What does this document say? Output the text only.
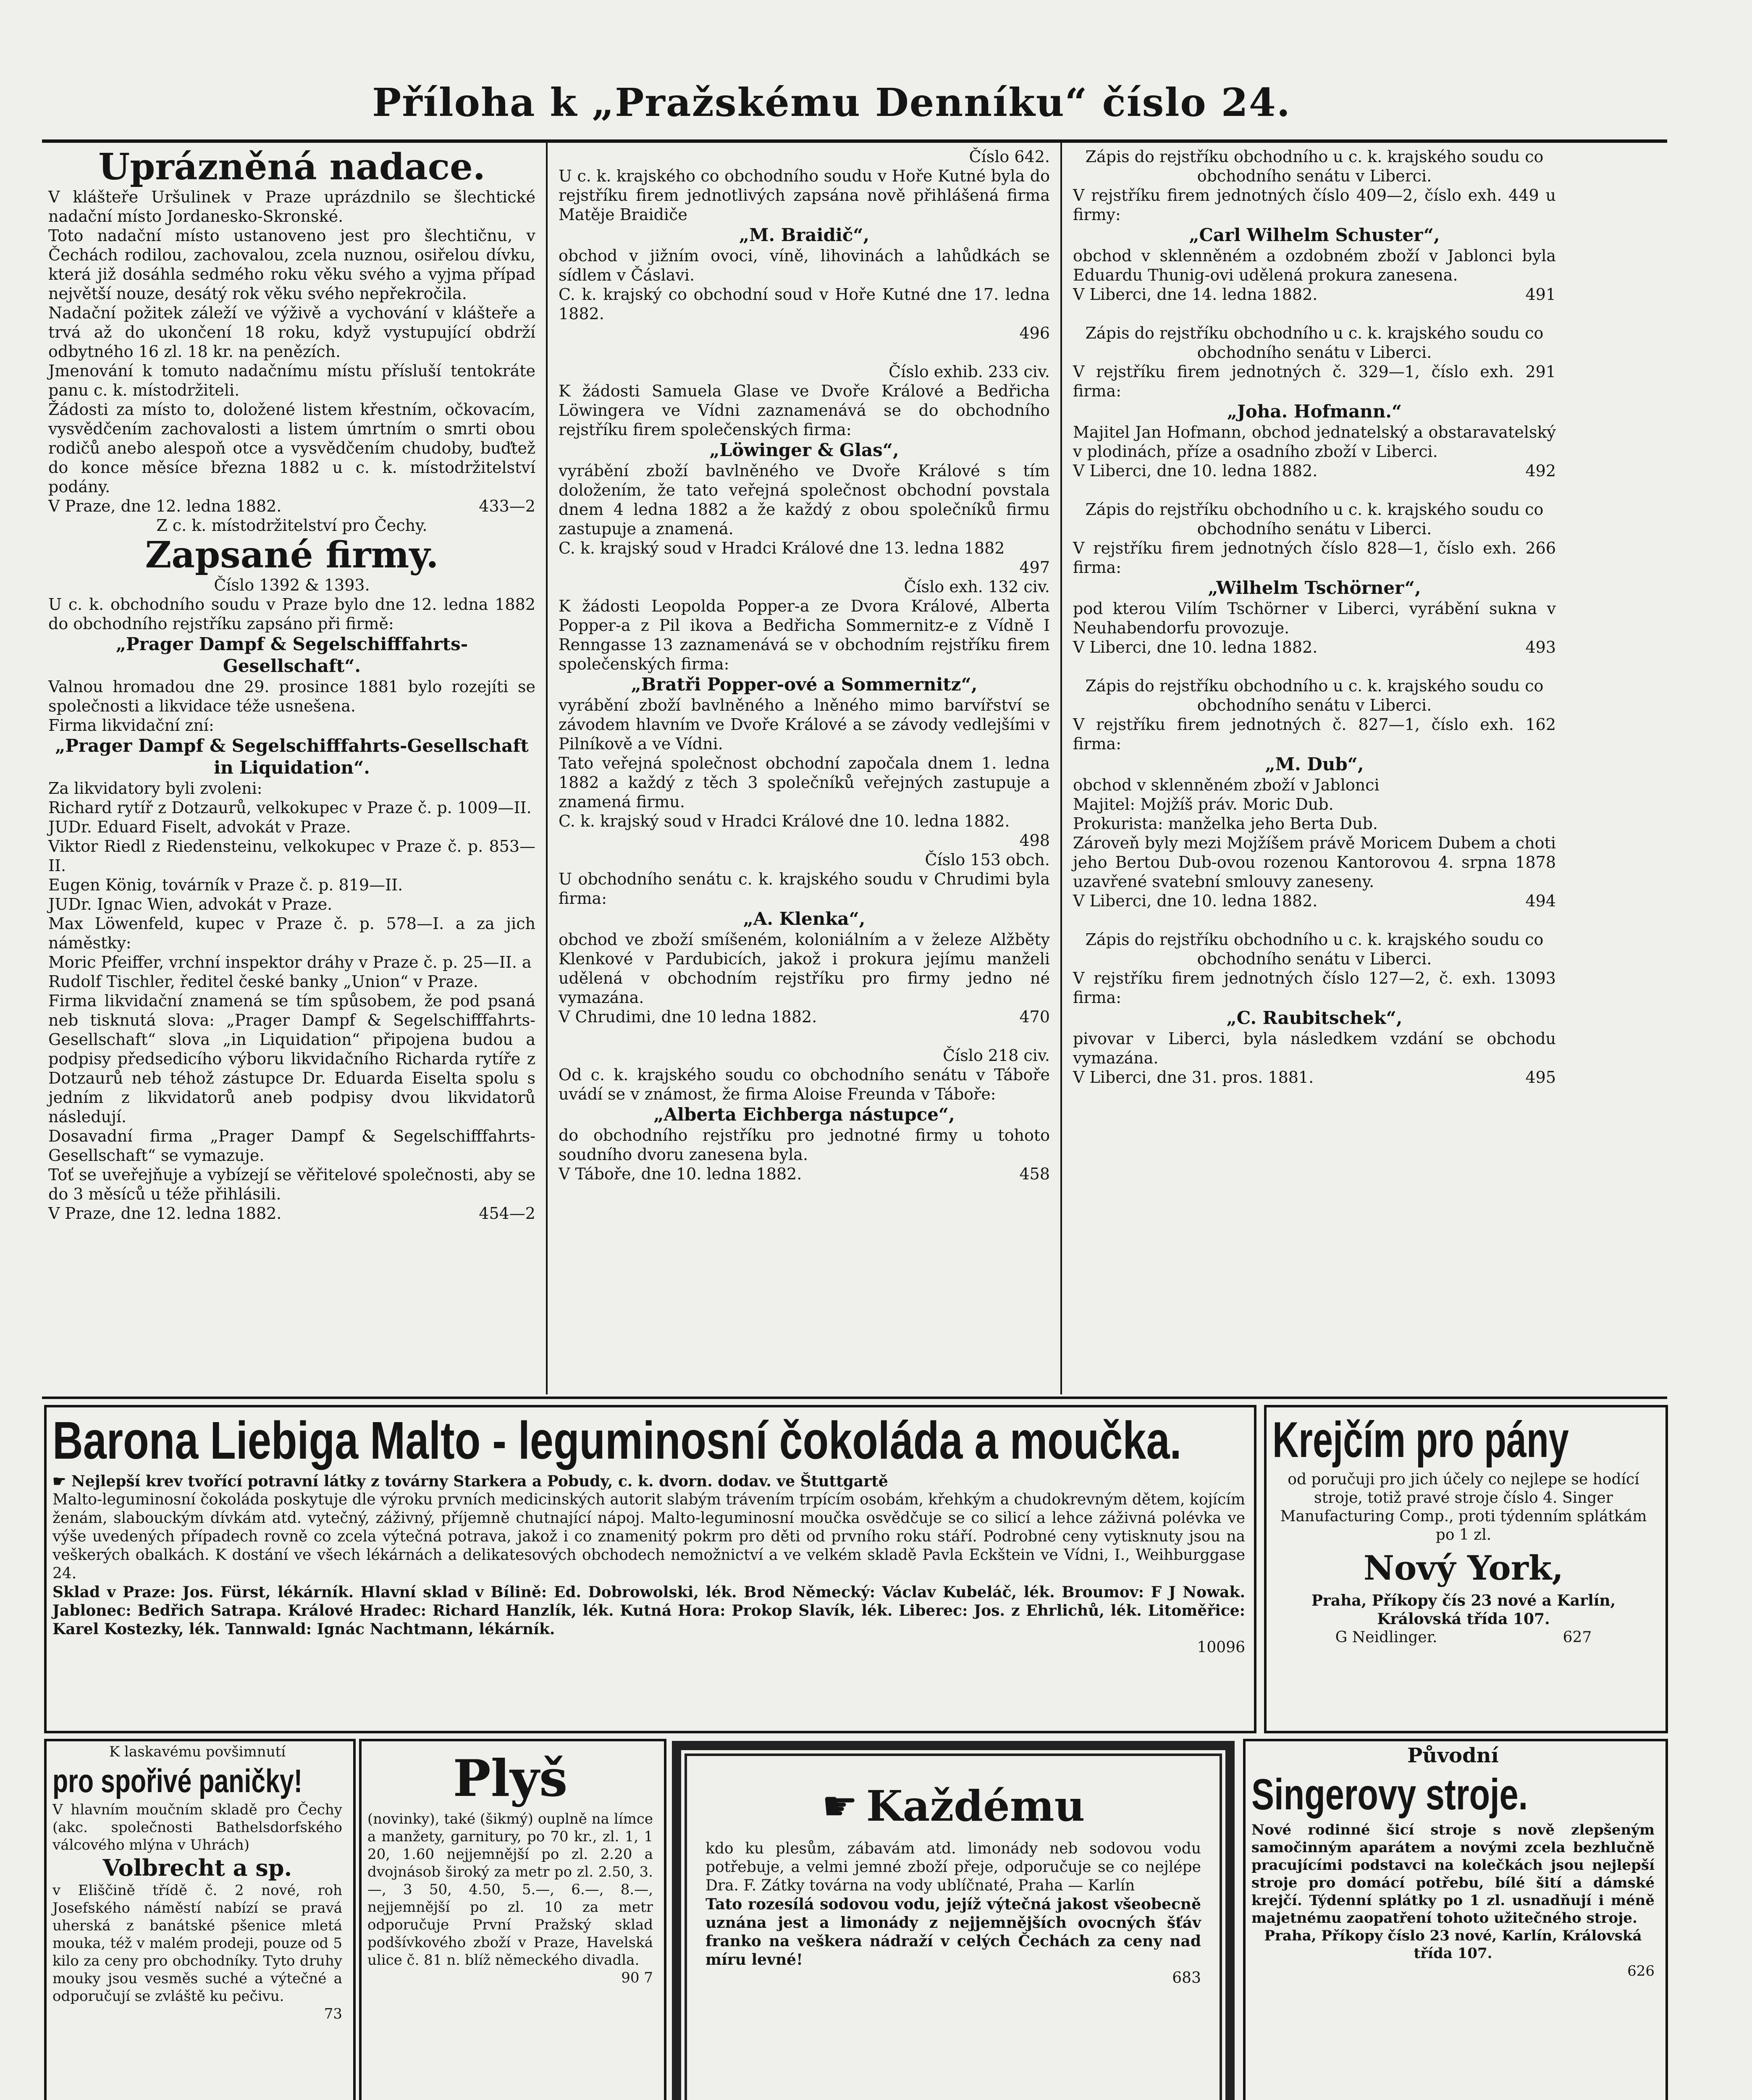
Příloha k „Pražskému Denníku“ číslo 24.
Uprázněná nadace.

V klášteře Uršulinek v Praze uprázdnilo se šlechtické nadační místo Jordanesko-Skronské.

Toto nadační místo ustanoveno jest pro šlechtičnu, v Čechách rodilou, zachovalou, zcela nuznou, osiřelou dívku, která již dosáhla sedmého roku věku svého a vyjma případ největší nouze, desátý rok věku svého nepřekročila.

Nadační požitek záleží ve výživě a vychování v klášteře a trvá až do ukončení 18 roku, když vystupující obdrží odbytného 16 zl. 18 kr. na penězích.

Jmenování k tomuto nadačnímu místu přísluší tentokráte panu c. k. místodržiteli.

Žádosti za místo to, doložené listem křestním, očkovacím, vysvědčením zachovalosti a listem úmrtním o smrti obou rodičů anebo alespoň otce a vysvědčením chudoby, buďtež do konce měsíce března 1882 u c. k. místodržitelství podány.

V Praze, dne 12. ledna 1882.	433—2

Z c. k. místodržitelství pro Čechy.

Zapsané firmy.

Číslo 1392 & 1393.

U c. k. obchodního soudu v Praze bylo dne 12. ledna 1882 do obchodního rejstříku zapsáno při firmě:

„Prager Dampf & Segelschifffahrts-Gesellschaft“.

Valnou hromadou dne 29. prosince 1881 bylo rozejíti se společnosti a likvidace téže usnešena.

Firma likvidační zní:

„Prager Dampf & Segelschifffahrts-Gesellschaft in Liquidation“.

Za likvidatory byli zvoleni:

Richard rytíř z Dotzaurů, velkokupec v Praze č. p. 1009—II.

JUDr. Eduard Fiselt, advokát v Praze.

Viktor Riedl z Riedensteinu, velkokupec v Praze č. p. 853—II.

Eugen König, továrník v Praze č. p. 819—II.

JUDr. Ignac Wien, advokát v Praze.

Max Löwenfeld, kupec v Praze č. p. 578—I. a za jich náměstky:

Moric Pfeiffer, vrchní inspektor dráhy v Praze č. p. 25—II. a

Rudolf Tischler, ředitel české banky „Union“ v Praze.

Firma likvidační znamená se tím spůsobem, že pod psaná neb tisknutá slova: „Prager Dampf & Segelschifffahrts-Gesellschaft“ slova „in Liquidation“ připojena budou a podpisy předsedicího výboru likvidačního Richarda rytíře z Dotzaurů neb téhož zástupce Dr. Eduarda Eiselta spolu s jedním z likvidatorů aneb podpisy dvou likvidatorů následují.

Dosavadní firma „Prager Dampf & Segelschifffahrts-Gesellschaft“ se vymazuje.

Toť se uveřejňuje a vybízejí se věřitelové společnosti, aby se do 3 měsíců u téže přihlásili.

V Praze, dne 12. ledna 1882.	454—2

Číslo 642.

U c. k. krajského co obchodního soudu v Hoře Kutné byla do rejstříku firem jednotlivých zapsána nově přihlášená firma Matěje Braidiče

„M. Braidič“,

obchod v jižním ovoci, víně, lihovinách a lahůdkách se sídlem v Čáslavi.

C. k. krajský co obchodní soud v Hoře Kutné dne 17. ledna 1882.

496

Číslo exhib. 233 civ.

K žádosti Samuela Glase ve Dvoře Králové a Bedřicha Löwingera ve Vídni zaznamenává se do obchodního rejstříku firem společenských firma:

„Löwinger & Glas“,

vyrábění zboží bavlněného ve Dvoře Králové s tím doložením, že tato veřejná společnost obchodní povstala dnem 4 ledna 1882 a že každý z obou společníků firmu zastupuje a znamená.

C. k. krajský soud v Hradci Králové dne 13. ledna 1882

497

Číslo exh. 132 civ.

K žádosti Leopolda Popper-a ze Dvora Králové, Alberta Popper-a z Pil ikova a Bedřicha Sommernitz-e z Vídně I Renngasse 13 zaznamenává se v obchodním rejstříku firem společenských firma:

„Bratři Popper-ové a Sommernitz“,

vyrábění zboží bavlněného a lněného mimo barvířství se závodem hlavním ve Dvoře Králové a se závody vedlejšími v Pilníkově a ve Vídni.

Tato veřejná společnost obchodní započala dnem 1. ledna 1882 a každý z těch 3 společníků veřejných zastupuje a znamená firmu.

C. k. krajský soud v Hradci Králové dne 10. ledna 1882.

498

Číslo 153 obch.

U obchodního senátu c. k. krajského soudu v Chrudimi byla firma:

„A. Klenka“,

obchod ve zboží smíšeném, koloniálním a v železe Alžběty Klenkové v Pardubicích, jakož i prokura jejímu manželi udělená v obchodním rejstříku pro firmy jedno né vymazána.

V Chrudimi, dne 10 ledna 1882.	470

Číslo 218 civ.

Od c. k. krajského soudu co obchodního senátu v Táboře uvádí se v známost, že firma Aloise Freunda v Táboře:

„Alberta Eichberga nástupce“,

do obchodního rejstříku pro jednotné firmy u tohoto soudního dvoru zanesena byla.

V Táboře, dne 10. ledna 1882.	458

Zápis do rejstříku obchodního u c. k. krajského soudu co obchodního senátu v Liberci.

V rejstříku firem jednotných číslo 409—2, číslo exh. 449 u firmy:

„Carl Wilhelm Schuster“,

obchod v sklenněném a ozdobném zboží v Jablonci byla Eduardu Thunig-ovi udělená prokura zanesena.

V Liberci, dne 14. ledna 1882.	491

Zápis do rejstříku obchodního u c. k. krajského soudu co obchodního senátu v Liberci.

V rejstříku firem jednotných č. 329—1, číslo exh. 291 firma:

„Joha. Hofmann.“

Majitel Jan Hofmann, obchod jednatelský a obstaravatelský v plodinách, příze a osadního zboží v Liberci.

V Liberci, dne 10. ledna 1882.	492

Zápis do rejstříku obchodního u c. k. krajského soudu co obchodního senátu v Liberci.

V rejstříku firem jednotných číslo 828—1, číslo exh. 266 firma:

„Wilhelm Tschörner“,

pod kterou Vilím Tschörner v Liberci, vyrábění sukna v Neuhabendorfu provozuje.

V Liberci, dne 10. ledna 1882.	493

Zápis do rejstříku obchodního u c. k. krajského soudu co obchodního senátu v Liberci.

V rejstříku firem jednotných č. 827—1, číslo exh. 162 firma:

„M. Dub“,

obchod v sklenněném zboží v Jablonci

Majitel: Mojžíš práv. Moric Dub.

Prokurista: manželka jeho Berta Dub.

Zároveň byly mezi Mojžíšem právě Moricem Dubem a choti jeho Bertou Dub-ovou rozenou Kantorovou 4. srpna 1878 uzavřené svatební smlouvy zaneseny.

V Liberci, dne 10. ledna 1882.	494

Zápis do rejstříku obchodního u c. k. krajského soudu co obchodního senátu v Liberci.

V rejstříku firem jednotných číslo 127—2, č. exh. 13093 firma:

„C. Raubitschek“,

pivovar v Liberci, byla následkem vzdání se obchodu vymazána.

V Liberci, dne 31. pros. 1881.	495
Barona Liebiga Malto - leguminosní čokoláda a moučka.

☛ Nejlepší krev tvořící potravní látky z továrny Starkera a Pobudy, c. k. dvorn. dodav. ve Štuttgartě

Malto-leguminosní čokoláda poskytuje dle výroku prvních medicinských autorit slabým trávením trpícím osobám, křehkým a chudokrevným dětem, kojícím ženám, slabouckým dívkám atd. vytečný, záživný, příjemně chutnající nápoj. Malto-leguminosní moučka osvědčuje se co silicí a lehce záživná polévka ve výše uvedených případech rovně co zcela výtečná potrava, jakož i co znamenitý pokrm pro děti od prvního roku stáří. Podrobné ceny vytisknuty jsou na veškerých obalkách. K dostání ve všech lékárnách a delikatesových obchodech nemožnictví a ve velkém skladě Pavla Eckštein ve Vídni, I., Weihburggase 24.

Sklad v Praze: Jos. Fürst, lékárník. Hlavní sklad v Bílině: Ed. Dobrowolski, lék. Brod Německý: Václav Kubeláč, lék. Broumov: F J Nowak. Jablonec: Bedřich Satrapa. Králové Hradec: Richard Hanzlík, lék. Kutná Hora: Prokop Slavík, lék. Liberec: Jos. z Ehrlichů, lék. Litoměřice: Karel Kostezky, lék. Tannwald: Ignác Nachtmann, lékárník.

10096

Krejčím pro pány

od poručuji pro jich účely co nejlepe se hodící stroje, totiž pravé stroje číslo 4. Singer Manufacturing Comp., proti týdenním splátkám po 1 zl.

Nový York,

Praha, Příkopy čís 23 nové a Karlín, Královská třída 107.

G Neidlinger.	627

K laskavému povšimnutí

pro spořivé paničky!

V hlavním moučním skladě pro Čechy (akc. společnosti Bathelsdorfského válcového mlýna v Uhrách)

Volbrecht a sp.

v Eliščině třídě č. 2 nové, roh Josefského náměstí nabízí se pravá uherská z banátské pšenice mletá mouka, též v malém prodeji, pouze od 5 kilo za ceny pro obchodníky. Tyto druhy mouky jsou vesměs suché a výtečné a odporučují se zvláště ku pečivu.

73

Plyš

(novinky), také (šikmý) ouplně na límce a manžety, garnitury, po 70 kr., zl. 1, 1 20, 1.60 nejjemnější po zl. 2.20 a dvojnásob široký za metr po zl. 2.50, 3.—, 3 50, 4.50, 5.—, 6.—, 8.—, nejjemnější po zl. 10 za metr odporučuje První Pražský sklad podšívkového zboží v Praze, Havelská ulice č. 81 n. blíž německého divadla.

90 7

☛ Každému

kdo ku plesům, zábavám atd. limonády neb sodovou vodu potřebuje, a velmi jemné zboží přeje, odporučuje se co nejlépe Dra. F. Zátky továrna na vody ublíčnaté, Praha — Karlín

Tato rozesílá sodovou vodu, jejíž výtečná jakost všeobecně uznána jest a limonády z nejjemnějších ovocných šťáv franko na veškera nádraží v celých Čechách za ceny nad míru levné!

683

Původní

Singerovy stroje.

Nové rodinné šicí stroje s nově zlepšeným samočinným aparátem a novými zcela bezhlučně pracujícími podstavci na kolečkách jsou nejlepší stroje pro domácí potřebu, bílé šití a dámské krejčí. Týdenní splátky po 1 zl. usnadňují i méně majetnému zaopatření tohoto užitečného stroje.

Praha, Příkopy číslo 23 nové, Karlín, Královská třída 107.

626
